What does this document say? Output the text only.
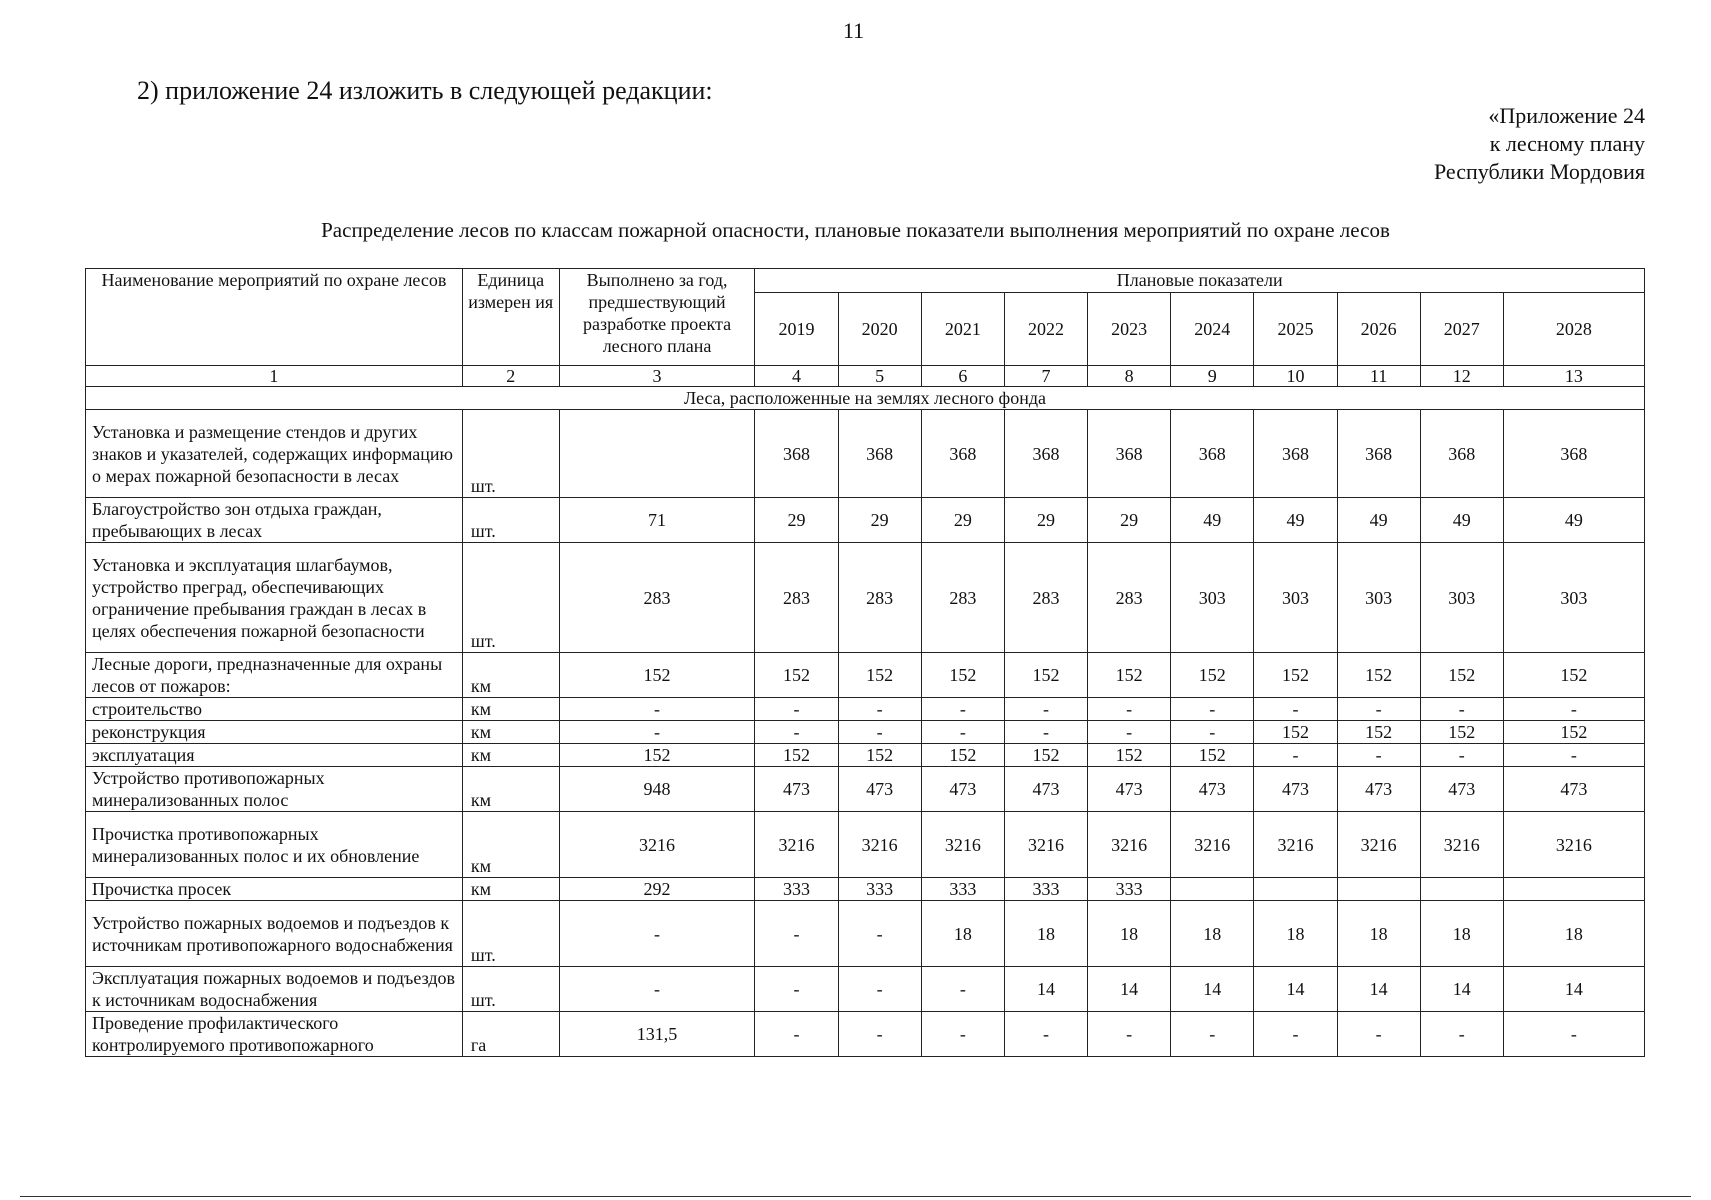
11
2) приложение 24 изложить в следующей редакции:
«Приложение 24
к лесному плану
Республики Мордовия
Распределение лесов по классам пожарной опасности, плановые показатели выполнения мероприятий по охране лесов
Наименование мероприятий по охране лесов	Единица измерен ия	Выполнено за год, предшествующий разработке проекта лесного плана	Плановые показатели									
			2019	2020	2021	2022	2023	2024	2025	2026	2027	2028
1	2	3	4	5	6	7	8	9	10	11	12	13
Леса, расположенные на землях лесного фонда												
Установка и размещение стендов и других знаков и указателей, содержащих информацию о мерах пожарной безопасности в лесах	шт.		368	368	368	368	368	368	368	368	368	368
Благоустройство зон отдыха граждан, пребывающих в лесах	шт.	71	29	29	29	29	29	49	49	49	49	49
Установка и эксплуатация шлагбаумов, устройство преград, обеспечивающих ограничение пребывания граждан в лесах в целях обеспечения пожарной безопасности	шт.	283	283	283	283	283	283	303	303	303	303	303
Лесные дороги, предназначенные для охраны лесов от пожаров:	км	152	152	152	152	152	152	152	152	152	152	152
строительство	км	-	-	-	-	-	-	-	-	-	-	-
реконструкция	км	-	-	-	-	-	-	-	152	152	152	152
эксплуатация	км	152	152	152	152	152	152	152	-	-	-	-
Устройство противопожарных минерализованных полос	км	948	473	473	473	473	473	473	473	473	473	473
Прочистка противопожарных минерализованных полос и их обновление	км	3216	3216	3216	3216	3216	3216	3216	3216	3216	3216	3216
Прочистка просек	км	292	333	333	333	333	333					
Устройство пожарных водоемов и подъездов к источникам противопожарного водоснабжения	шт.	-	-	-	18	18	18	18	18	18	18	18
Эксплуатация пожарных водоемов и подъездов к источникам водоснабжения	шт.	-	-	-	-	14	14	14	14	14	14	14
Проведение профилактического контролируемого противопожарного	га	131,5	-	-	-	-	-	-	-	-	-	-
